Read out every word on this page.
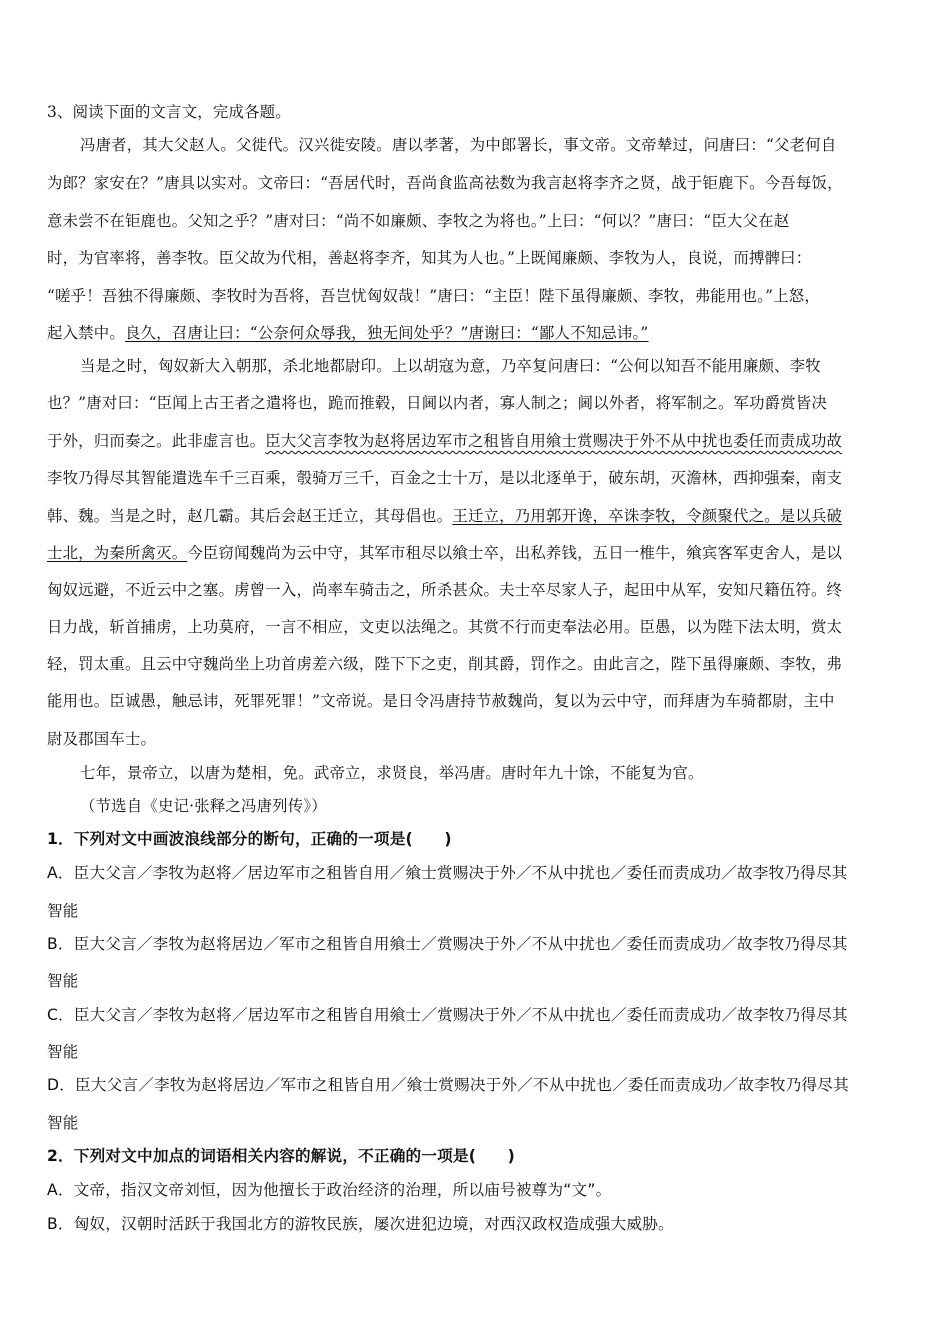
3、阅读下面的文言文，完成各题。
冯唐者，其大父赵人。父徙代。汉兴徙安陵。唐以孝著，为中郎署长，事文帝。文帝辇过，问唐曰：“父老何自
为郎？家安在？”唐具以实对。文帝曰：“吾居代时，吾尚食监高祛数为我言赵将李齐之贤，战于钜鹿下。今吾每饭，
意未尝不在钜鹿也。父知之乎？”唐对曰：“尚不如廉颇、李牧之为将也。”上曰：“何以？”唐曰：“臣大父在赵
时，为官率将，善李牧。臣父故为代相，善赵将李齐，知其为人也。”上既闻廉颇、李牧为人，良说，而搏髀曰：
“嗟乎！吾独不得廉颇、李牧时为吾将，吾岂忧匈奴哉！”唐曰：“主臣！陛下虽得廉颇、李牧，弗能用也。”上怒，
起入禁中。良久，召唐让曰：“公奈何众辱我，独无间处乎？”唐谢曰：“鄙人不知忌讳。”
当是之时，匈奴新大入朝那，杀北地都尉印。上以胡寇为意，乃卒复问唐曰：“公何以知吾不能用廉颇、李牧
也？”唐对曰：“臣闻上古王者之遣将也，跪而推毂，日阃以内者，寡人制之；阃以外者，将军制之。军功爵赏皆决
于外，归而奏之。此非虚言也。臣大父言李牧为赵将居边军市之租皆自用飨士赏赐决于外不从中扰也委任而责成功故
李牧乃得尽其智能遣选车千三百乘，彀骑万三千，百金之士十万，是以北逐单于，破东胡，灭澹林，西抑强秦，南支
韩、魏。当是之时，赵几霸。其后会赵王迁立，其母倡也。王迁立，乃用郭开谗，卒诛李牧，令颜聚代之。是以兵破
士北，为秦所禽灭。今臣窃闻魏尚为云中守，其军市租尽以飨士卒，出私养钱，五日一椎牛，飨宾客军吏舍人，是以
匈奴远避，不近云中之塞。虏曾一入，尚率车骑击之，所杀甚众。夫士卒尽家人子，起田中从军，安知尺籍伍符。终
日力战，斩首捕虏，上功莫府，一言不相应，文吏以法绳之。其赏不行而吏奉法必用。臣愚，以为陛下法太明，赏太
轻，罚太重。且云中守魏尚坐上功首虏差六级，陛下下之吏，削其爵，罚作之。由此言之，陛下虽得廉颇、李牧，弗
能用也。臣诚愚，触忌讳，死罪死罪！”文帝说。是日令冯唐持节赦魏尚，复以为云中守，而拜唐为车骑都尉，主中
尉及郡国车士。
七年，景帝立，以唐为楚相，免。武帝立，求贤良，举冯唐。唐时年九十馀，不能复为官。
（节选自《史记·张释之冯唐列传》）
1．下列对文中画波浪线部分的断句，正确的一项是(　　)
A．臣大父言／李牧为赵将／居边军市之租皆自用／飨士赏赐决于外／不从中扰也／委任而责成功／故李牧乃得尽其
智能
B．臣大父言／李牧为赵将居边／军市之租皆自用飨士／赏赐决于外／不从中扰也／委任而责成功／故李牧乃得尽其
智能
C．臣大父言／李牧为赵将／居边军市之租皆自用飨士／赏赐决于外／不从中扰也／委任而责成功／故李牧乃得尽其
智能
D．臣大父言／李牧为赵将居边／军市之租皆自用／飨士赏赐决于外／不从中扰也／委任而责成功／故李牧乃得尽其
智能
2．下列对文中加点的词语相关内容的解说，不正确的一项是(　　)
A．文帝，指汉文帝刘恒，因为他擅长于政治经济的治理，所以庙号被尊为“文”。
B．匈奴，汉朝时活跃于我国北方的游牧民族，屡次进犯边境，对西汉政权造成强大威胁。
